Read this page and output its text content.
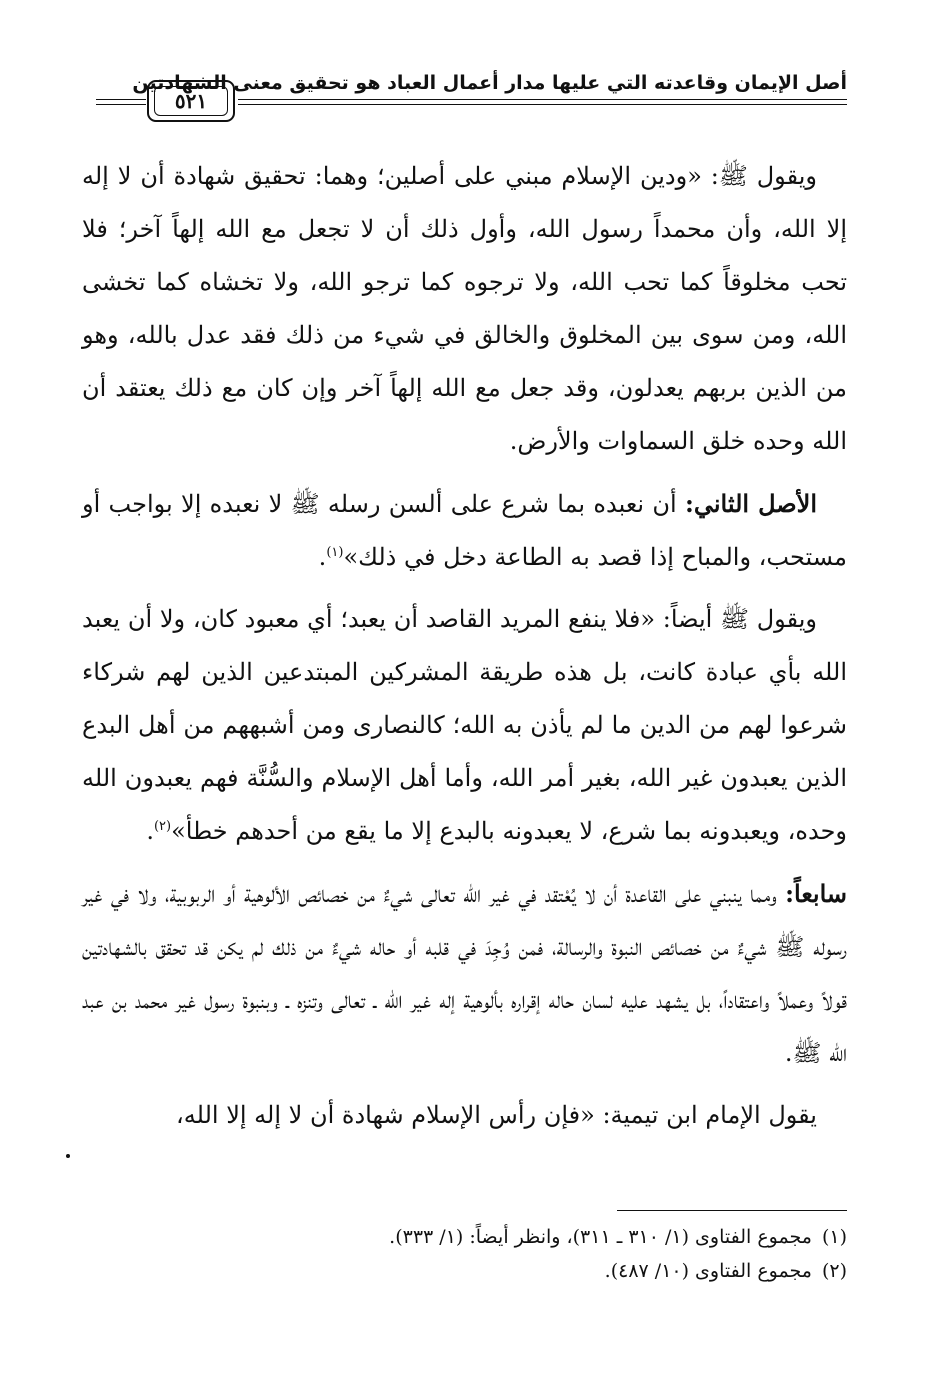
أصل الإيمان وقاعدته التي عليها مدار أعمال العباد هو تحقيق معنى الشهادتين
٥٢١

ويقول ﷺ: «ودين الإسلام مبني على أصلين؛ وهما: تحقيق شهادة أن لا إله إلا الله، وأن محمداً رسول الله، وأول ذلك أن لا تجعل مع الله إلهاً آخر؛ فلا تحب مخلوقاً كما تحب الله، ولا ترجوه كما ترجو الله، ولا تخشاه كما تخشى الله، ومن سوى بين المخلوق والخالق في شيء من ذلك فقد عدل بالله، وهو من الذين بربهم يعدلون، وقد جعل مع الله إلهاً آخر وإن كان مع ذلك يعتقد أن الله وحده خلق السماوات والأرض.

الأصل الثاني: أن نعبده بما شرع على ألسن رسله ﷺ لا نعبده إلا بواجب أو مستحب، والمباح إذا قصد به الطاعة دخل في ذلك»$^{(١)}$.

ويقول ﷺ أيضاً: «فلا ينفع المريد القاصد أن يعبد؛ أي معبود كان، ولا أن يعبد الله بأي عبادة كانت، بل هذه طريقة المشركين المبتدعين الذين لهم شركاء شرعوا لهم من الدين ما لم يأذن به الله؛ كالنصارى ومن أشبههم من أهل البدع الذين يعبدون غير الله، بغير أمر الله، وأما أهل الإسلام والسُّنَّة فهم يعبدون الله وحده، ويعبدونه بما شرع، لا يعبدونه بالبدع إلا ما يقع من أحدهم خطأ»$^{(٢)}$.

سابعاً: ومما ينبني على القاعدة أن لا يُعْتقد في غير الله تعالى شيءٌ من خصائص الألوهية أو الربوبية، ولا في غير رسوله ﷺ شيءٌ من خصائص النبوة والرسالة، فمن وُجِدَ في قلبه أو حاله شيءٌ من ذلك لم يكن قد تحقق بالشهادتين قولاً وعملاً واعتقاداً، بل يشهد عليه لسان حاله إقراره بألوهية إله غير الله ـ تعالى وتنزه ـ وبنبوة رسول غير محمد بن عبد الله ﷺ.

يقول الإمام ابن تيمية: «فإن رأس الإسلام شهادة أن لا إله إلا الله،

(١)مجموع الفتاوى (١/ ٣١٠ ـ ٣١١)، وانظر أيضاً: (١/ ٣٣٣).

(٢)مجموع الفتاوى (١٠/ ٤٨٧).
